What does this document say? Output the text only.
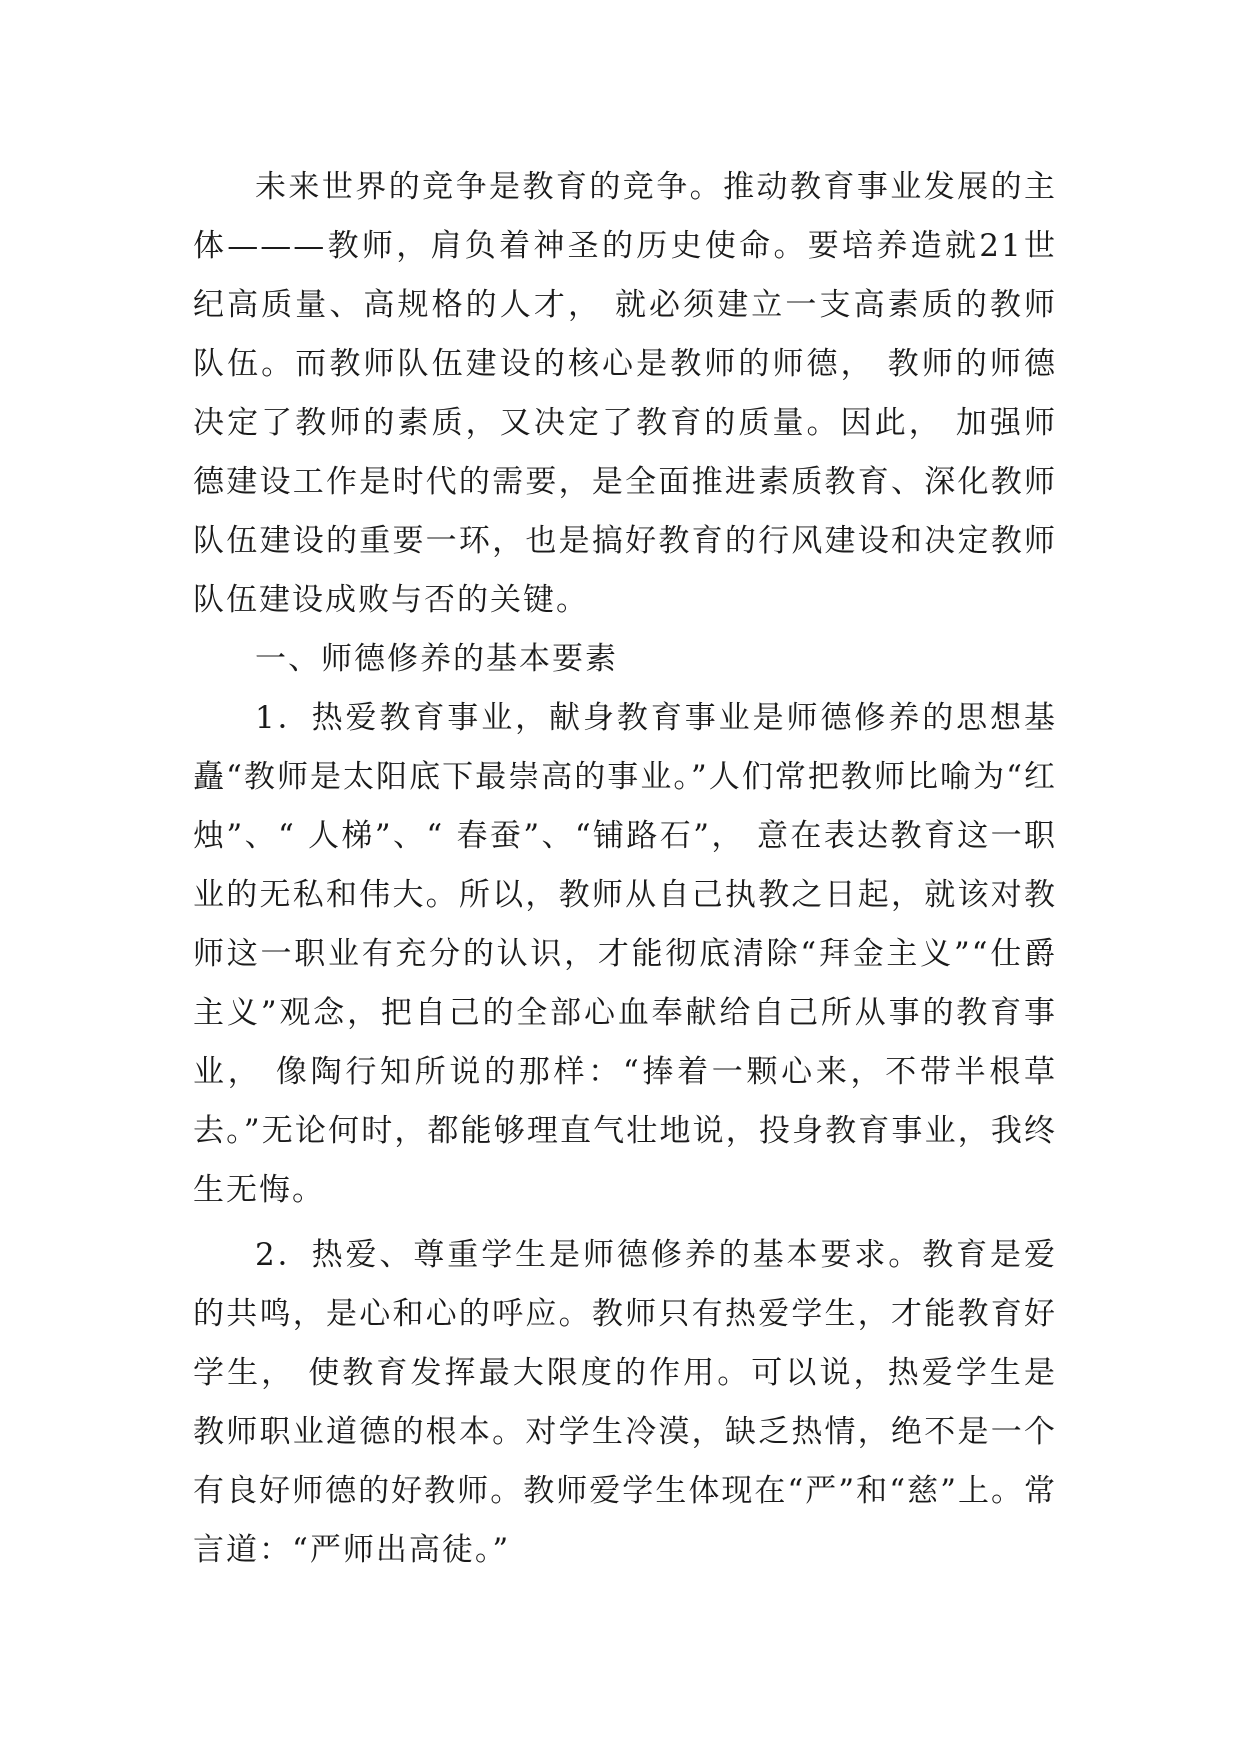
未来世界的竞争是教育的竞争。推动教育事业发展的主体———教师，肩负着神圣的历史使命。要培养造就21世纪高质量、高规格的人才， 就必须建立一支高素质的教师队伍。而教师队伍建设的核心是教师的师德， 教师的师德决定了教师的素质，又决定了教育的质量。因此， 加强师德建设工作是时代的需要，是全面推进素质教育、深化教师队伍建设的重要一环，也是搞好教育的行风建设和决定教师队伍建设成败与否的关键。

一、师德修养的基本要素

1．热爱教育事业，献身教育事业是师德修养的思想基矗“教师是太阳底下最崇高的事业。”人们常把教师比喻为“红烛”、“ 人梯”、“ 春蚕”、“铺路石”， 意在表达教育这一职业的无私和伟大。所以，教师从自己执教之日起，就该对教师这一职业有充分的认识，才能彻底清除“拜金主义”“仕爵主义”观念，把自己的全部心血奉献给自己所从事的教育事业， 像陶行知所说的那样：“捧着一颗心来，不带半根草去。”无论何时，都能够理直气壮地说，投身教育事业，我终生无悔。

2．热爱、尊重学生是师德修养的基本要求。教育是爱的共鸣，是心和心的呼应。教师只有热爱学生，才能教育好学生， 使教育发挥最大限度的作用。可以说，热爱学生是教师职业道德的根本。对学生冷漠，缺乏热情，绝不是一个有良好师德的好教师。教师爱学生体现在“严”和“慈”上。常言道：“严师出高徒。”
